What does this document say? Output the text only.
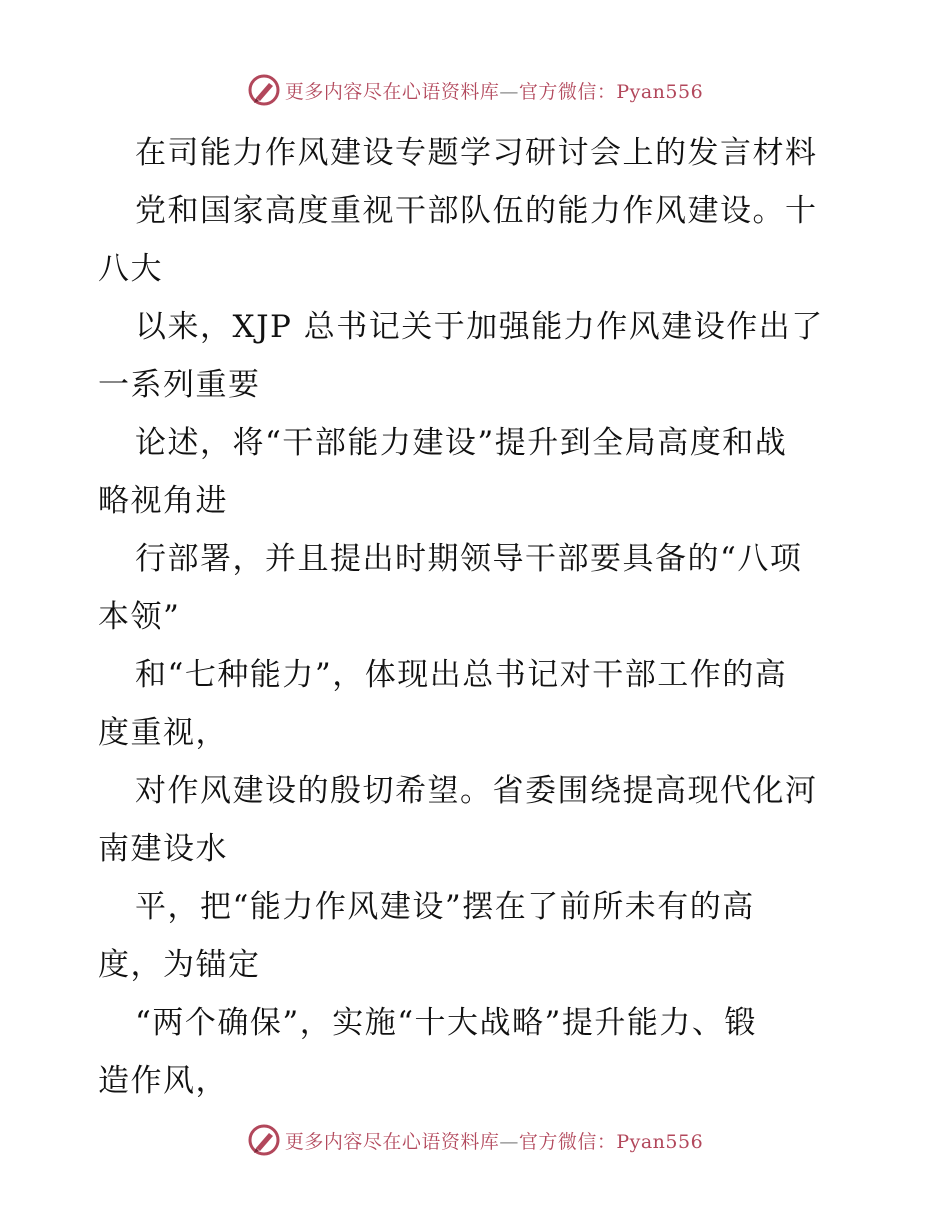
更多内容尽在心语资料库—官方微信：Pyan556
在司能力作风建设专题学习研讨会上的发言材料
党和国家高度重视干部队伍的能力作风建设。十
八大
以来，XJP 总书记关于加强能力作风建设作出了
一系列重要
论述，将“干部能力建设”提升到全局高度和战
略视角进
行部署，并且提出时期领导干部要具备的“八项
本领”
和“七种能力”，体现出总书记对干部工作的高
度重视，
对作风建设的殷切希望。省委围绕提高现代化河
南建设水
平，把“能力作风建设”摆在了前所未有的高
度，为锚定
“两个确保”，实施“十大战略”提升能力、锻
造作风，
更多内容尽在心语资料库—官方微信：Pyan556
